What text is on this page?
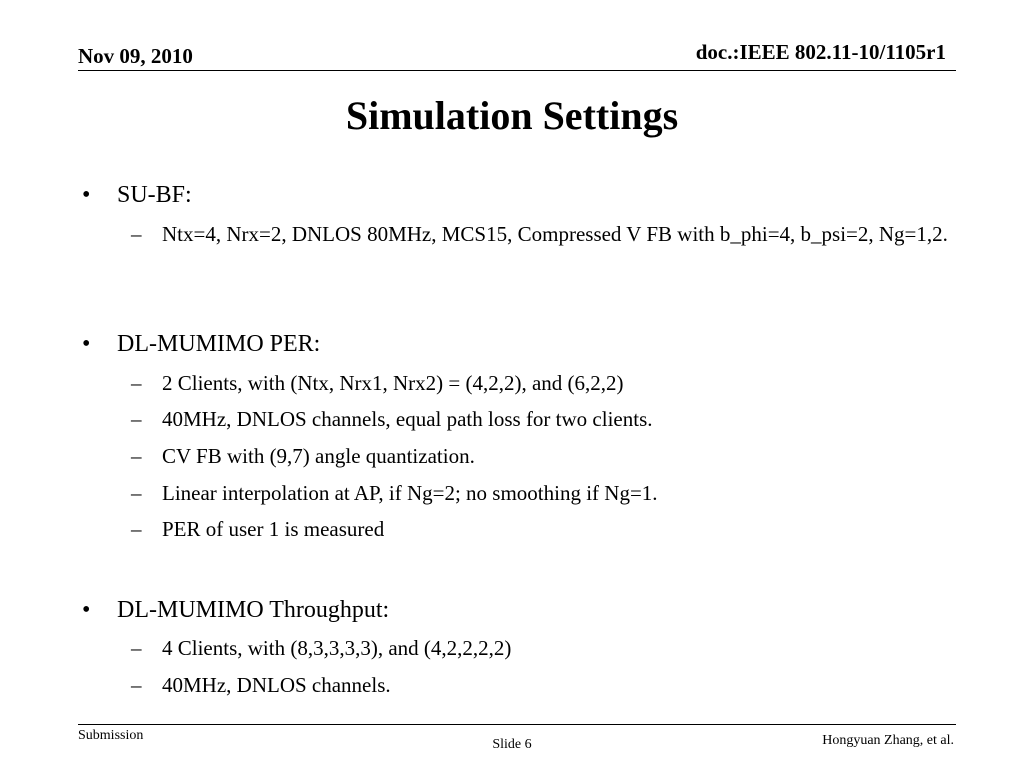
Nov 09, 2010	doc.:IEEE 802.11-10/1105r1
Simulation Settings
• SU-BF:
– Ntx=4, Nrx=2, DNLOS 80MHz, MCS15, Compressed V FB with b_phi=4, b_psi=2, Ng=1,2.
• DL-MUMIMO PER:
– 2 Clients, with (Ntx, Nrx1, Nrx2) = (4,2,2), and (6,2,2)
– 40MHz, DNLOS channels, equal path loss for two clients.
– CV FB with (9,7) angle quantization.
– Linear interpolation at AP, if Ng=2; no smoothing if Ng=1.
– PER of user 1 is measured
• DL-MUMIMO Throughput:
– 4 Clients, with (8,3,3,3,3), and (4,2,2,2,2)
– 40MHz, DNLOS channels.
Submission
Slide 6	Hongyuan Zhang, et al.
